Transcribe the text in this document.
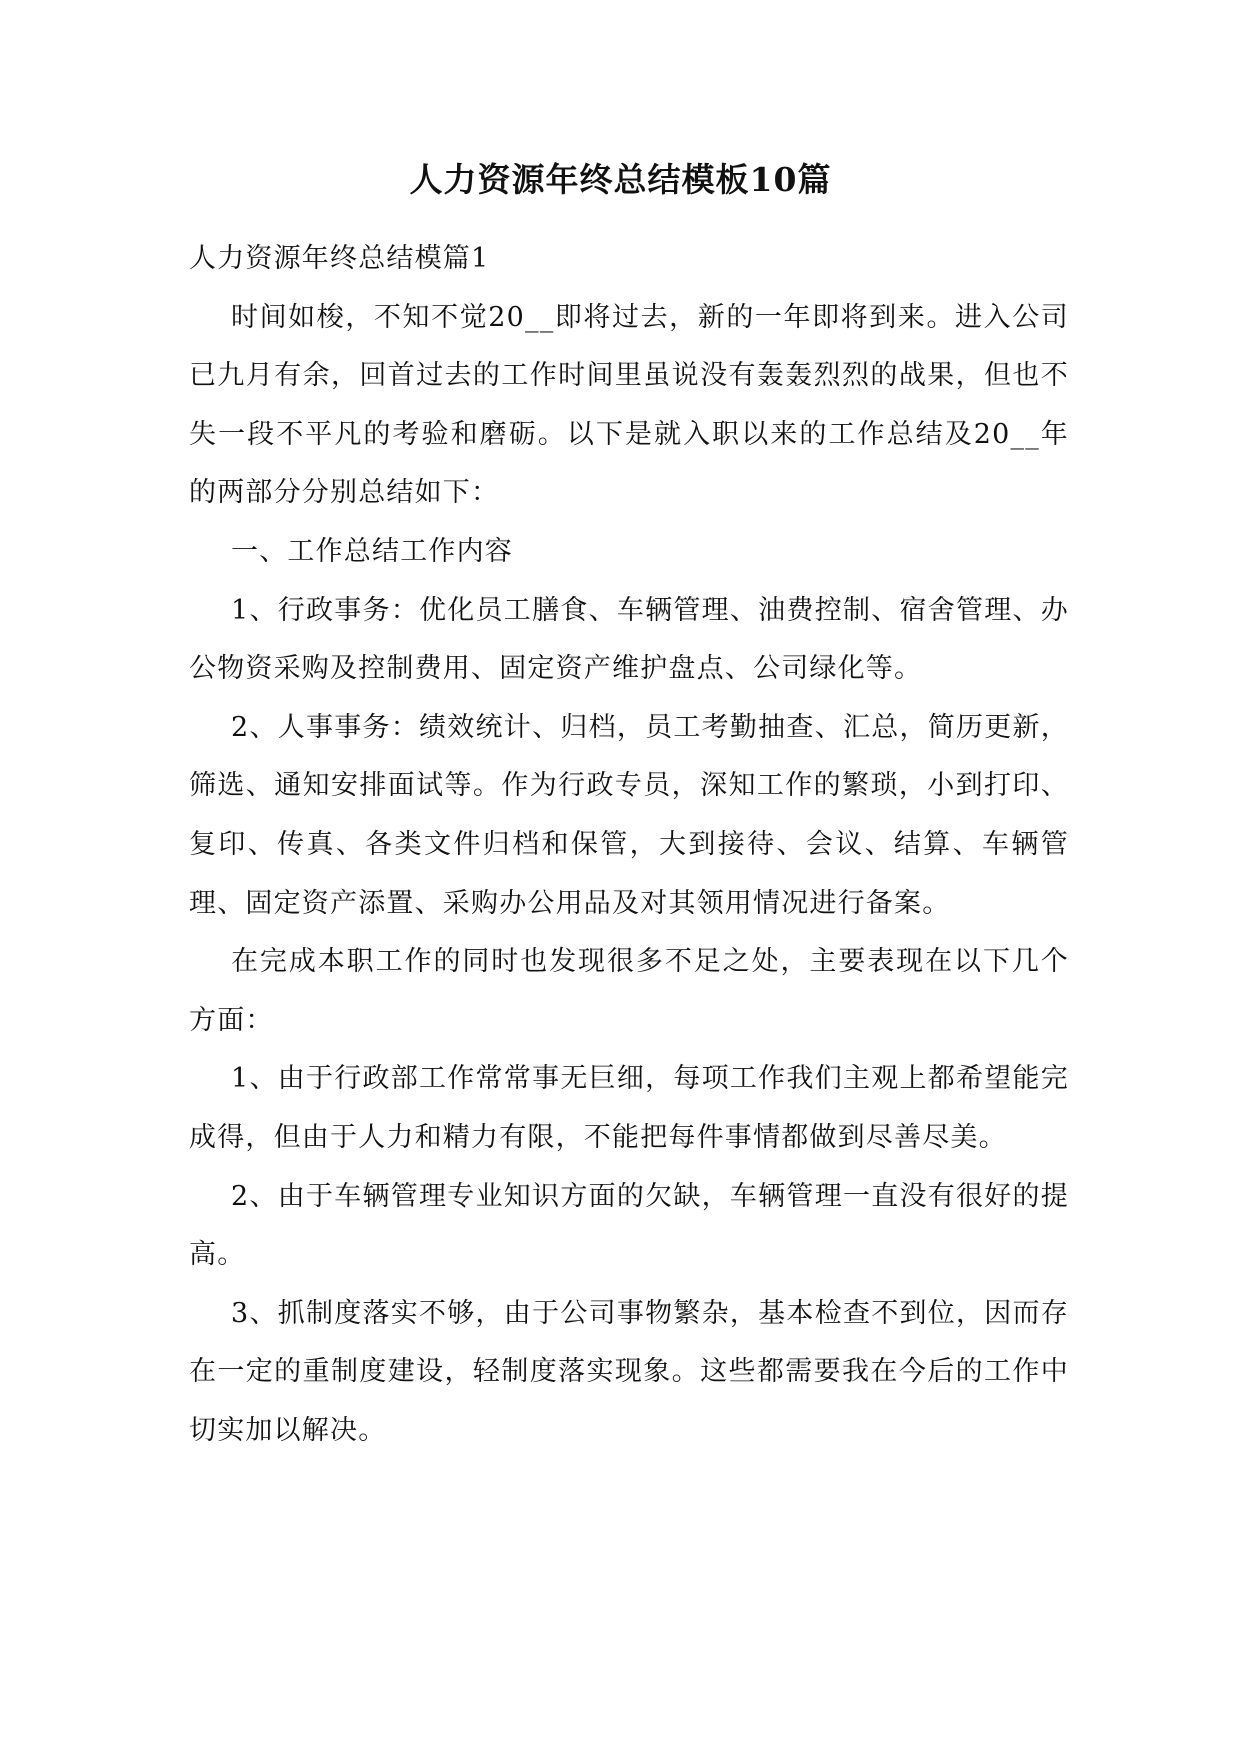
人力资源年终总结模板10篇

人力资源年终总结模篇1

时间如梭，不知不觉20__即将过去，新的一年即将到来。进入公司已九月有余，回首过去的工作时间里虽说没有轰轰烈烈的战果，但也不失一段不平凡的考验和磨砺。以下是就入职以来的工作总结及20__年的两部分分别总结如下：

一、工作总结工作内容

1、行政事务：优化员工膳食、车辆管理、油费控制、宿舍管理、办公物资采购及控制费用、固定资产维护盘点、公司绿化等。

2、人事事务：绩效统计、归档，员工考勤抽查、汇总，简历更新，筛选、通知安排面试等。作为行政专员，深知工作的繁琐，小到打印、复印、传真、各类文件归档和保管，大到接待、会议、结算、车辆管理、固定资产添置、采购办公用品及对其领用情况进行备案。

在完成本职工作的同时也发现很多不足之处，主要表现在以下几个方面：

1、由于行政部工作常常事无巨细，每项工作我们主观上都希望能完成得，但由于人力和精力有限，不能把每件事情都做到尽善尽美。

2、由于车辆管理专业知识方面的欠缺，车辆管理一直没有很好的提高。

3、抓制度落实不够，由于公司事物繁杂，基本检查不到位，因而存在一定的重制度建设，轻制度落实现象。这些都需要我在今后的工作中切实加以解决。
